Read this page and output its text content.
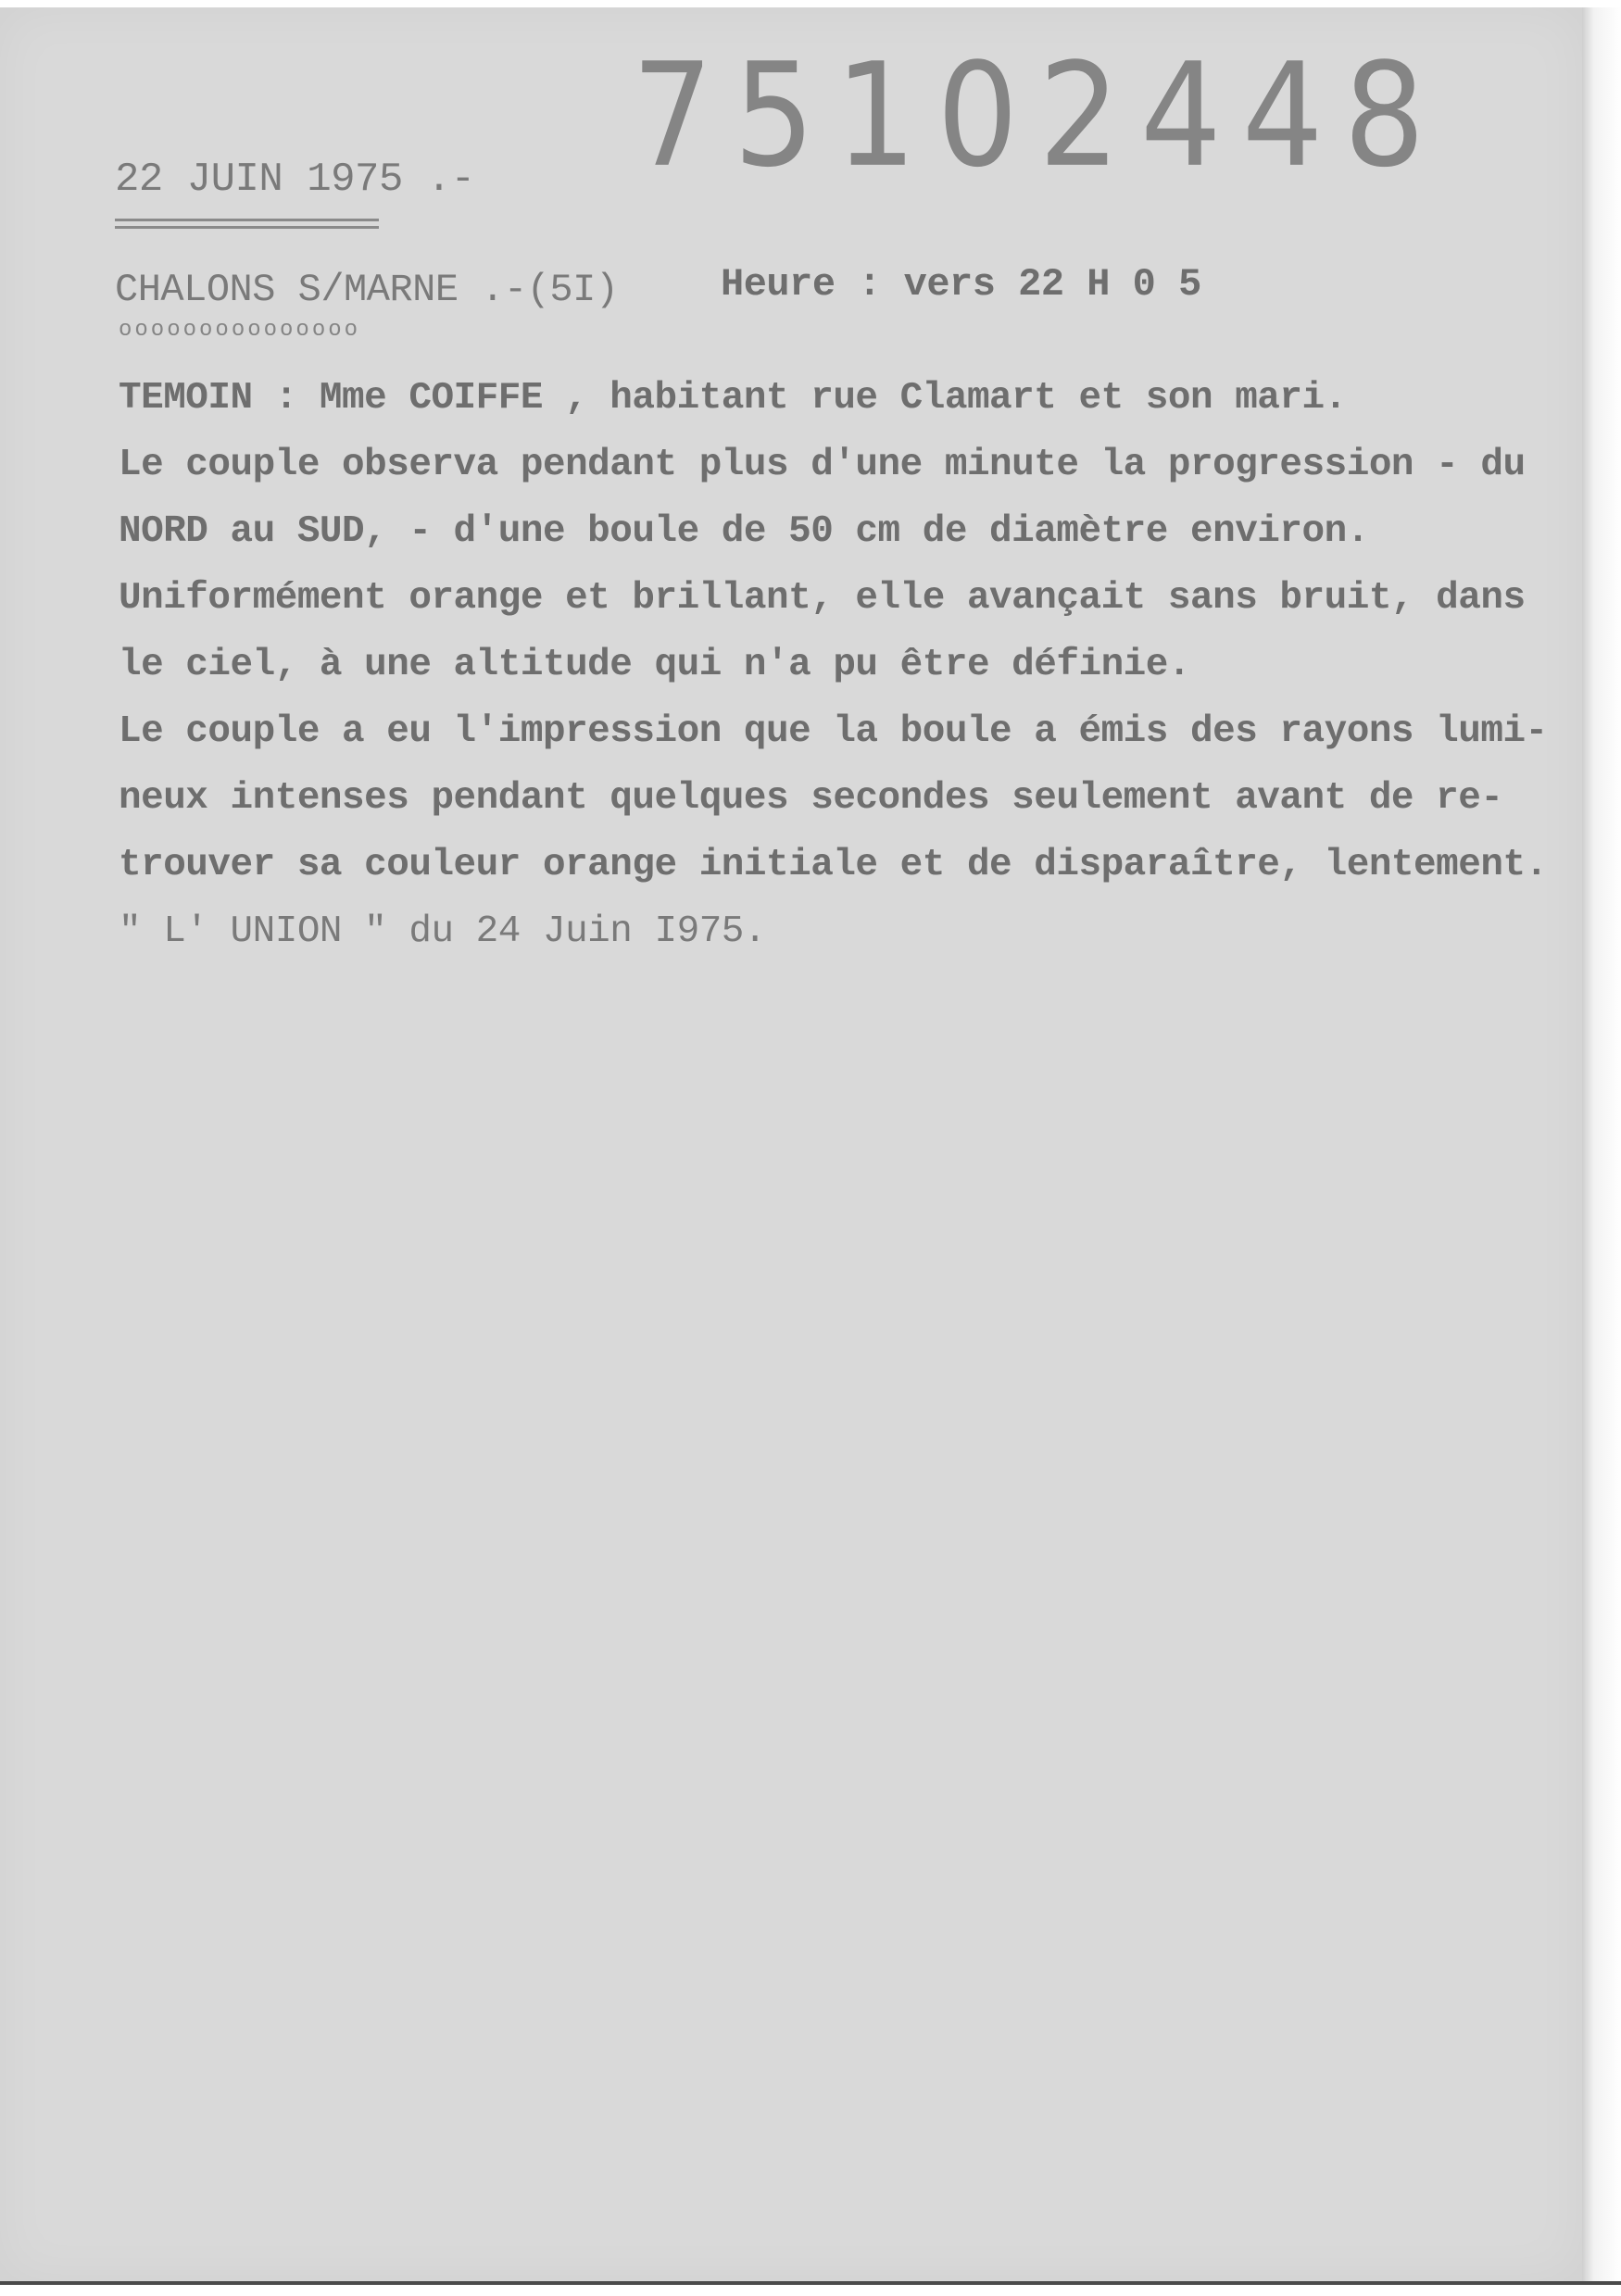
75102448
22 JUIN 1975 .-
CHALONS S/MARNE .-(5I)	Heure : vers 22 H 0 5
ooooooooooooooo
TEMOIN : Mme COIFFE , habitant rue Clamart et son mari.
Le couple observa pendant plus d'une minute la progression - du
NORD au SUD, - d'une boule de 50 cm de diamètre environ.
Uniformément orange et brillant, elle avançait sans bruit, dans
le ciel, à une altitude qui n'a pu être définie.
Le couple a eu l'impression que la boule a émis des rayons lumi-
neux intenses pendant quelques secondes seulement avant de re-
trouver sa couleur orange initiale et de disparaître, lentement.
" L' UNION " du 24 Juin I975.
